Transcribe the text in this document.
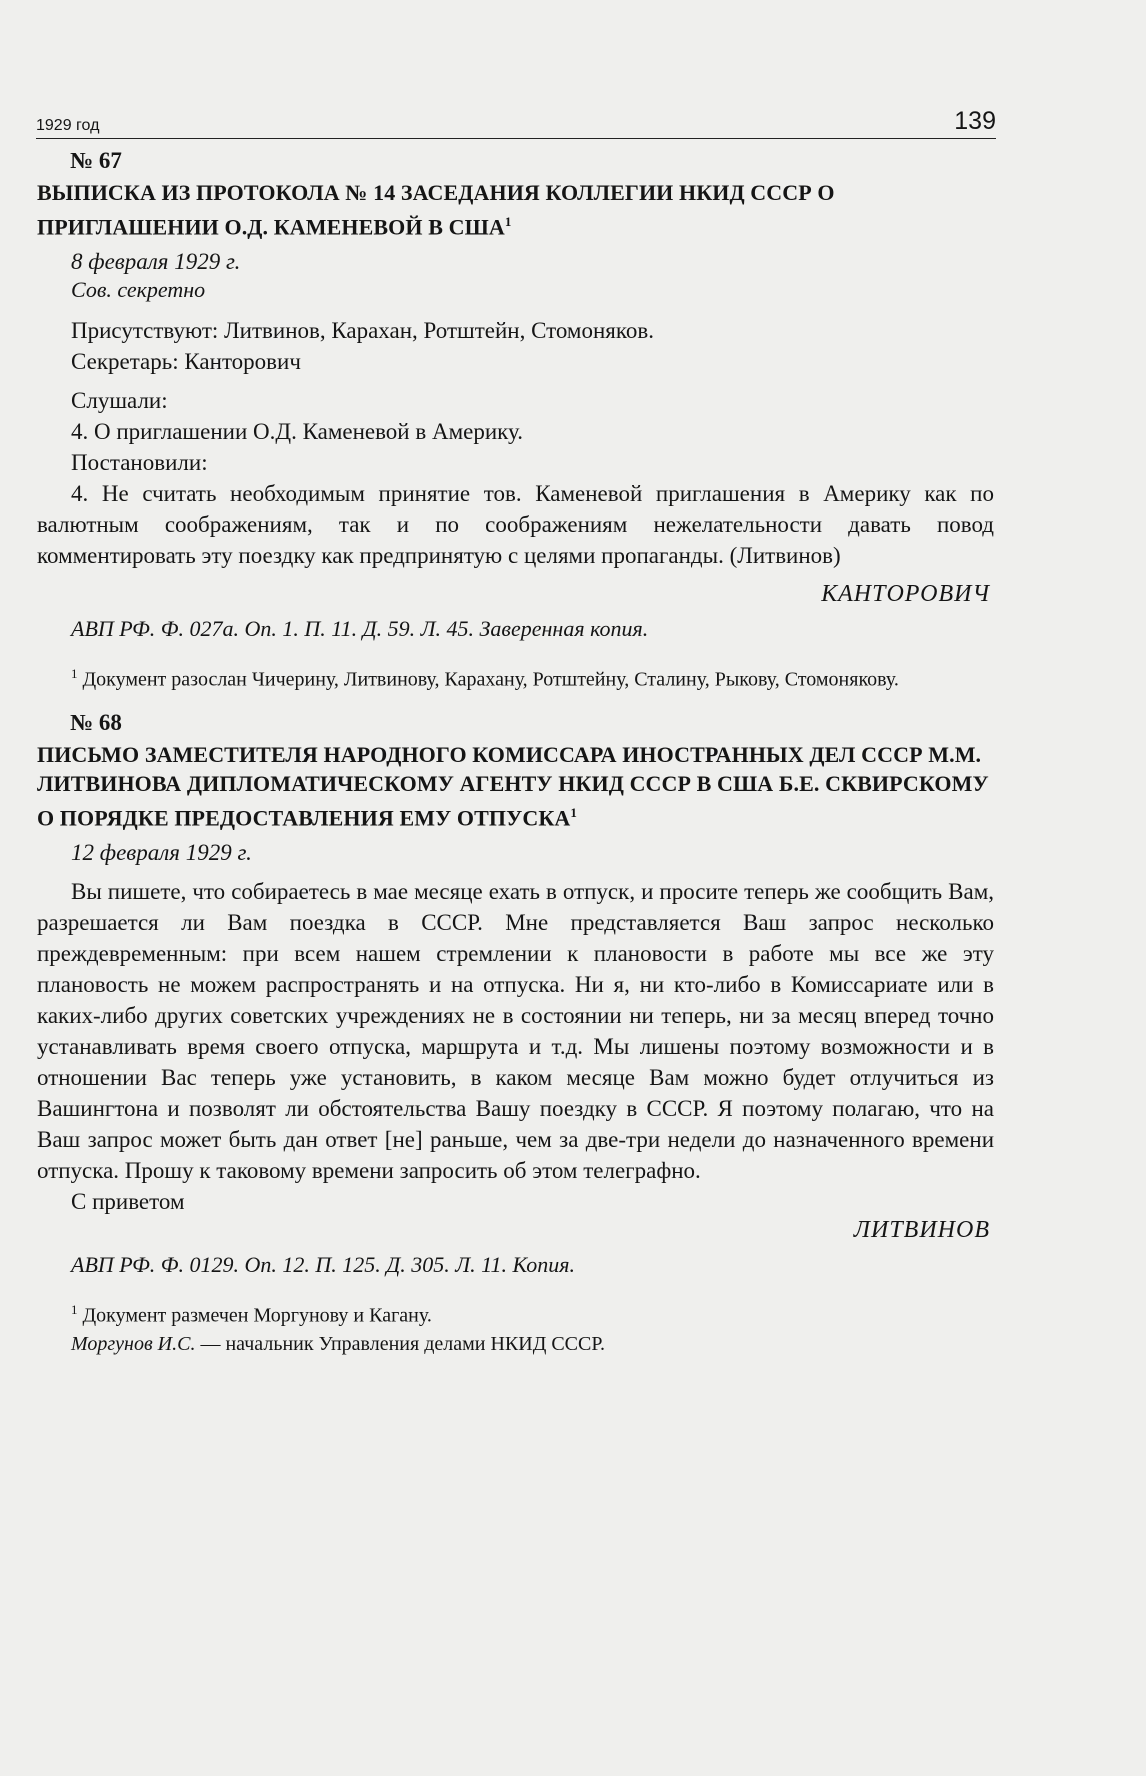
1929 год	139
№ 67
ВЫПИСКА ИЗ ПРОТОКОЛА № 14 ЗАСЕДАНИЯ КОЛЛЕГИИ НКИД СССР О ПРИГЛАШЕНИИ О.Д. КАМЕНЕВОЙ В США$^1$
8 февраля 1929 г.
Сов. секретно
Присутствуют: Литвинов, Карахан, Ротштейн, Стомоняков.
Секретарь: Канторович
Слушали:
4. О приглашении О.Д. Каменевой в Америку.
Постановили:

4. Не считать необходимым принятие тов. Каменевой приглашения в Америку как по валютным соображениям, так и по соображениям нежелательности давать повод комментировать эту поездку как предпринятую с целями пропаганды. (Литвинов)

КАНТОРОВИЧ
АВП РФ. Ф. 027а. Оп. 1. П. 11. Д. 59. Л. 45. Заверенная копия.

$^1$ Документ разослан Чичерину, Литвинову, Карахану, Ротштейну, Сталину, Рыкову, Стомонякову.

№ 68
ПИСЬМО ЗАМЕСТИТЕЛЯ НАРОДНОГО КОМИССАРА ИНОСТРАННЫХ ДЕЛ СССР М.М. ЛИТВИНОВА ДИПЛОМАТИЧЕСКОМУ АГЕНТУ НКИД СССР В США Б.Е. СКВИРСКОМУ О ПОРЯДКЕ ПРЕДОСТАВЛЕНИЯ ЕМУ ОТПУСКА$^1$
12 февраля 1929 г.

Вы пишете, что собираетесь в мае месяце ехать в отпуск, и просите теперь же сообщить Вам, разрешается ли Вам поездка в СССР. Мне представляется Ваш запрос несколько преждевременным: при всем нашем стремлении к плановости в работе мы все же эту плановость не можем распространять и на отпуска. Ни я, ни кто-либо в Комиссариате или в каких-либо других советских учреждениях не в состоянии ни теперь, ни за месяц вперед точно устанавливать время своего отпуска, маршрута и т.д. Мы лишены поэтому возможности и в отношении Вас теперь уже установить, в каком месяце Вам можно будет отлучиться из Вашингтона и позволят ли обстоятельства Вашу поездку в СССР. Я поэтому полагаю, что на Ваш запрос может быть дан ответ [не] раньше, чем за две-три недели до назначенного времени отпуска. Прошу к таковому времени запросить об этом телеграфно.

С приветом
ЛИТВИНОВ
АВП РФ. Ф. 0129. Оп. 12. П. 125. Д. 305. Л. 11. Копия.

$^1$ Документ размечен Моргунову и Кагану.

Моргунов И.С. — начальник Управления делами НКИД СССР.
